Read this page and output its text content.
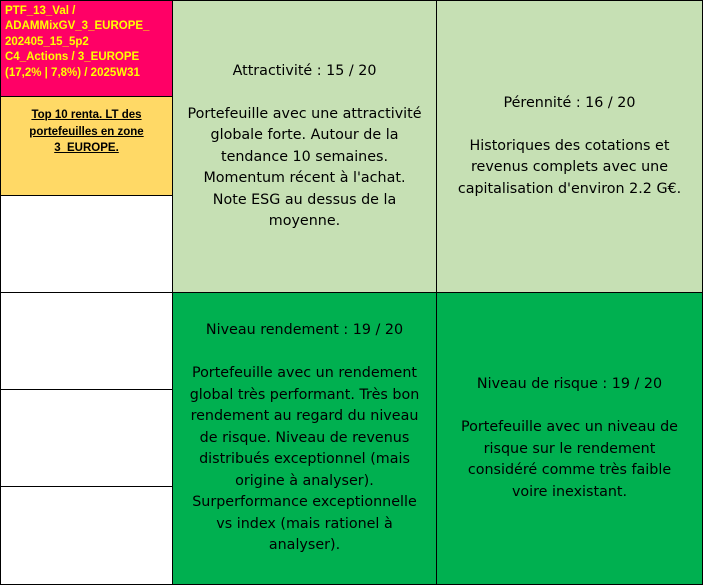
PTF_13_Val /
ADAMMixGV_3_EUROPE_
202405_15_5p2
C4_Actions / 3_EUROPE
(17,2% | 7,8%) / 2025W31
Top 10 renta. LT des
portefeuilles en zone
3_EUROPE.
Attractivité : 15 / 20
Portefeuille avec une attractivité
globale forte. Autour de la
tendance 10 semaines.
Momentum récent à l'achat.
Note ESG au dessus de la
moyenne.
Pérennité : 16 / 20
Historiques des cotations et
revenus complets avec une
capitalisation d'environ 2.2 G€.
Niveau rendement : 19 / 20
Portefeuille avec un rendement
global très performant. Très bon
rendement au regard du niveau
de risque. Niveau de revenus
distribués exceptionnel (mais
origine à analyser).
Surperformance exceptionnelle
vs index (mais rationel à
analyser).
Niveau de risque : 19 / 20
Portefeuille avec un niveau de
risque sur le rendement
considéré comme très faible
voire inexistant.
